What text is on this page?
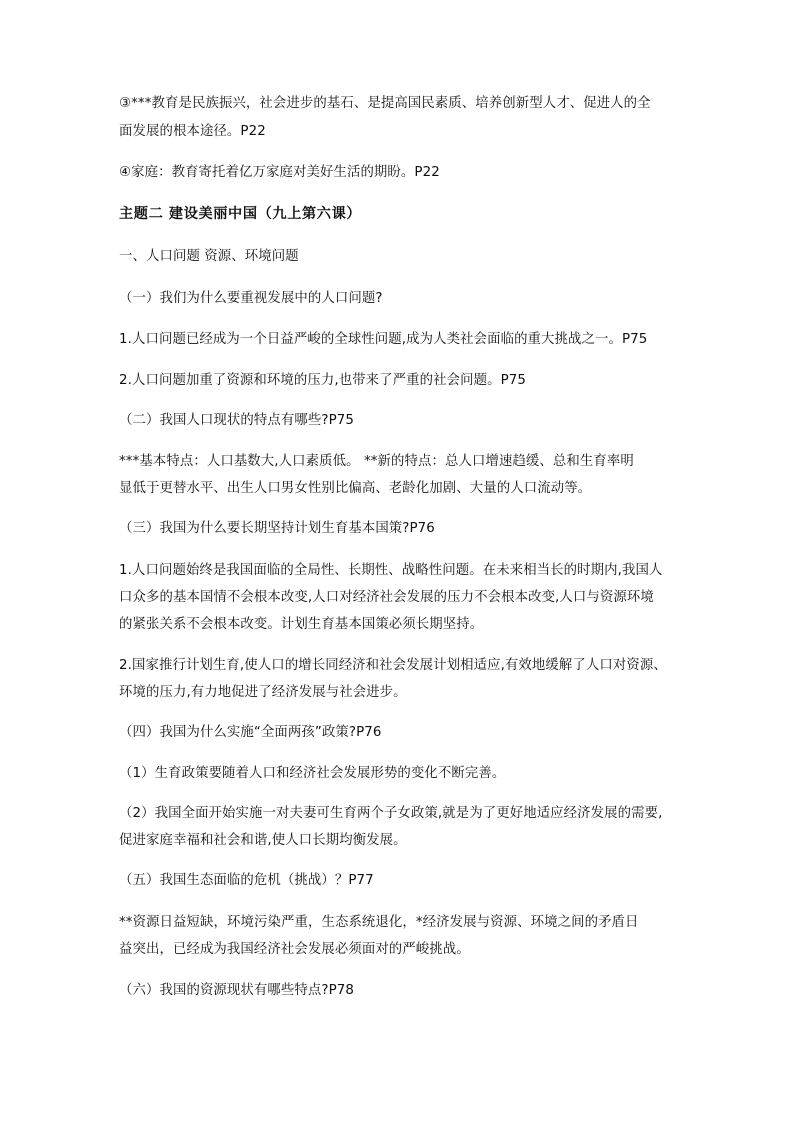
③***教育是民族振兴，社会进步的基石、是提高国民素质、培养创新型人才、促进人的全
面发展的根本途径。P22
④家庭：教育寄托着亿万家庭对美好生活的期盼。P22
主题二 建设美丽中国（九上第六课）
一、人口问题 资源、环境问题
（一）我们为什么要重视发展中的人口问题?
1.人口问题已经成为一个日益严峻的全球性问题,成为人类社会面临的重大挑战之一。P75
2.人口问题加重了资源和环境的压力,也带来了严重的社会问题。P75
（二）我国人口现状的特点有哪些?P75
***基本特点：人口基数大,人口素质低。 **新的特点：总人口增速趋缓、总和生育率明
显低于更替水平、出生人口男女性别比偏高、老龄化加剧、大量的人口流动等。
（三）我国为什么要长期坚持计划生育基本国策?P76
1.人口问题始终是我国面临的全局性、长期性、战略性问题。在未来相当长的时期内,我国人
口众多的基本国情不会根本改变,人口对经济社会发展的压力不会根本改变,人口与资源环境
的紧张关系不会根本改变。计划生育基本国策必须长期坚持。
2.国家推行计划生育,使人口的增长同经济和社会发展计划相适应,有效地缓解了人口对资源、
环境的压力,有力地促进了经济发展与社会进步。
（四）我国为什么实施“全面两孩”政策?P76
（1）生育政策要随着人口和经济社会发展形势的变化不断完善。
（2）我国全面开始实施一对夫妻可生育两个子女政策,就是为了更好地适应经济发展的需要,
促进家庭幸福和社会和谐,使人口长期均衡发展。
（五）我国生态面临的危机（挑战）？P77
**资源日益短缺，环境污染严重，生态系统退化，*经济发展与资源、环境之间的矛盾日
益突出，已经成为我国经济社会发展必须面对的严峻挑战。
（六）我国的资源现状有哪些特点?P78
